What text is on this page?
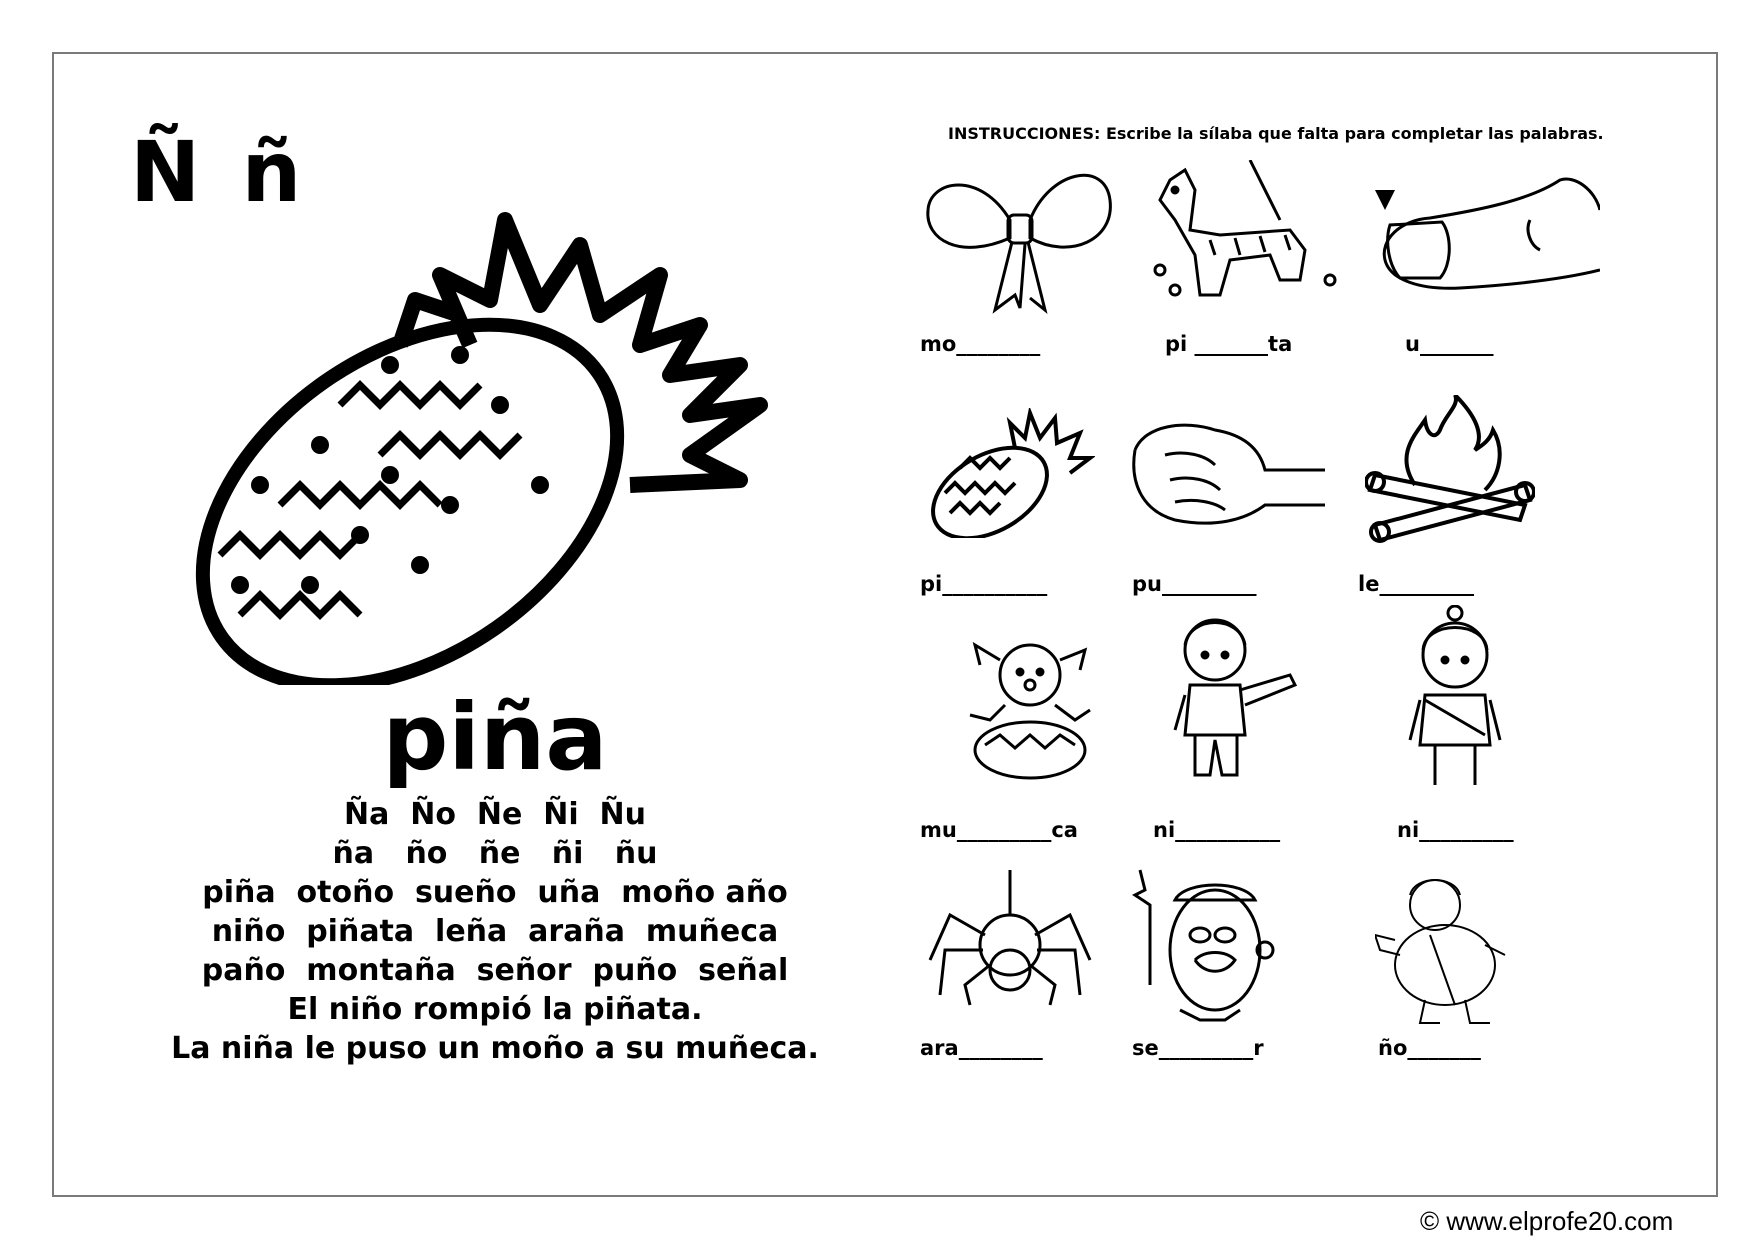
Ñ ñ
piña
Ña  Ño  Ñe  Ñi  Ñu
ña   ño   ñe   ñi   ñu
piña  otoño  sueño  uña  moño año
niño  piñata  leña  araña  muñeca
paño  montaña  señor  puño  señal
El niño rompió la piñata.
La niña le puso un moño a su muñeca.
INSTRUCCIONES: Escribe la sílaba que falta para completar las palabras.
mo________	pi _______ta	u_______
pi__________	pu_________	le_________
mu_________ca	ni__________	ni_________
ara________	se_________r	ño_______
© www.elprofe20.com
